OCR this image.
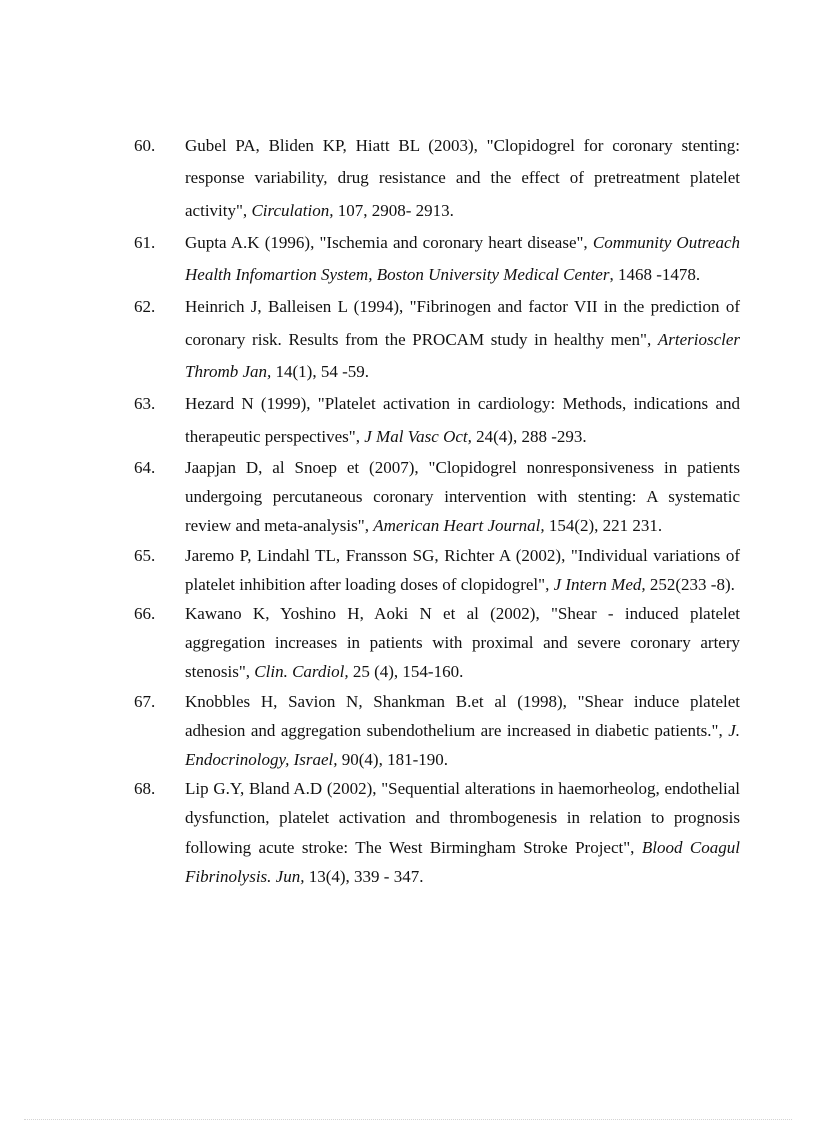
60.	Gubel PA, Bliden KP, Hiatt BL (2003), "Clopidogrel for coronary stenting: response variability, drug resistance and the effect of pretreatment platelet activity", Circulation, 107, 2908- 2913.
61.	Gupta A.K (1996), "Ischemia and coronary heart disease", Community Outreach Health Infomartion System, Boston University Medical Center, 1468 -1478.
62.	Heinrich J, Balleisen L (1994), "Fibrinogen and factor VII in the prediction of coronary risk. Results from the PROCAM study in healthy men", Arterioscler Thromb Jan, 14(1), 54 -59.
63.	Hezard N (1999), "Platelet activation in cardiology: Methods, indications and therapeutic perspectives", J Mal Vasc Oct, 24(4), 288 -293.
64.	Jaapjan D, al Snoep et (2007), "Clopidogrel nonresponsiveness in patients undergoing percutaneous coronary intervention with stenting: A systematic review and meta-analysis", American Heart Journal, 154(2), 221 231.
65.	Jaremo P, Lindahl TL, Fransson SG, Richter A (2002), "Individual variations of platelet inhibition after loading doses of clopidogrel", J Intern Med, 252(233 -8).
66.	Kawano K, Yoshino H, Aoki N et al (2002), "Shear - induced platelet aggregation increases in patients with proximal and severe coronary artery stenosis", Clin. Cardiol, 25 (4), 154-160.
67.	Knobbles H, Savion N, Shankman B.et al (1998), "Shear induce platelet adhesion and aggregation subendothelium are increased in diabetic patients.", J. Endocrinology, Israel, 90(4), 181-190.
68.	Lip G.Y, Bland A.D (2002), "Sequential alterations in haemorheolog, endothelial dysfunction, platelet activation and thrombogenesis in relation to prognosis following acute stroke: The West Birmingham Stroke Project", Blood Coagul Fibrinolysis. Jun, 13(4), 339 - 347.
